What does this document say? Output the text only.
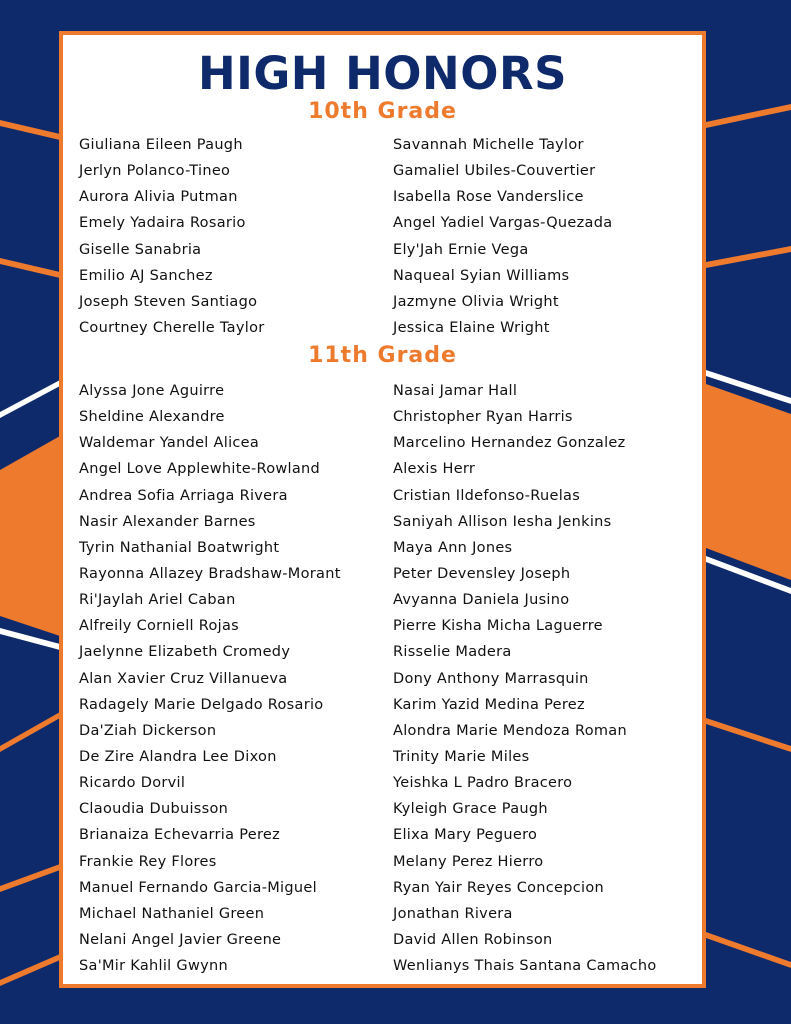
HIGH HONORS
10th Grade
Giuliana Eileen Paugh
Jerlyn Polanco-Tineo
Aurora Alivia Putman
Emely Yadaira Rosario
Giselle Sanabria
Emilio AJ Sanchez
Joseph Steven Santiago
Courtney Cherelle Taylor
Savannah Michelle Taylor
Gamaliel Ubiles-Couvertier
Isabella Rose Vanderslice
Angel Yadiel Vargas-Quezada
Ely'Jah Ernie Vega
Naqueal Syian Williams
Jazmyne Olivia Wright
Jessica Elaine Wright
11th Grade
Alyssa Jone Aguirre
Sheldine Alexandre
Waldemar Yandel Alicea
Angel Love Applewhite-Rowland
Andrea Sofia Arriaga Rivera
Nasir Alexander Barnes
Tyrin Nathanial Boatwright
Rayonna Allazey Bradshaw-Morant
Ri'Jaylah Ariel Caban
Alfreily Corniell Rojas
Jaelynne Elizabeth Cromedy
Alan Xavier Cruz Villanueva
Radagely Marie Delgado Rosario
Da'Ziah Dickerson
De Zire Alandra Lee Dixon
Ricardo Dorvil
Claoudia Dubuisson
Brianaiza Echevarria Perez
Frankie Rey Flores
Manuel Fernando Garcia-Miguel
Michael Nathaniel Green
Nelani Angel Javier Greene
Sa'Mir Kahlil Gwynn
Nasai Jamar Hall
Christopher Ryan Harris
Marcelino Hernandez Gonzalez
Alexis Herr
Cristian Ildefonso-Ruelas
Saniyah Allison Iesha Jenkins
Maya Ann Jones
Peter Devensley Joseph
Avyanna Daniela Jusino
Pierre Kisha Micha Laguerre
Risselie Madera
Dony Anthony Marrasquin
Karim Yazid Medina Perez
Alondra Marie Mendoza Roman
Trinity Marie Miles
Yeishka L Padro Bracero
Kyleigh Grace Paugh
Elixa Mary Peguero
Melany Perez Hierro
Ryan Yair Reyes Concepcion
Jonathan Rivera
David Allen Robinson
Wenlianys Thais Santana Camacho
